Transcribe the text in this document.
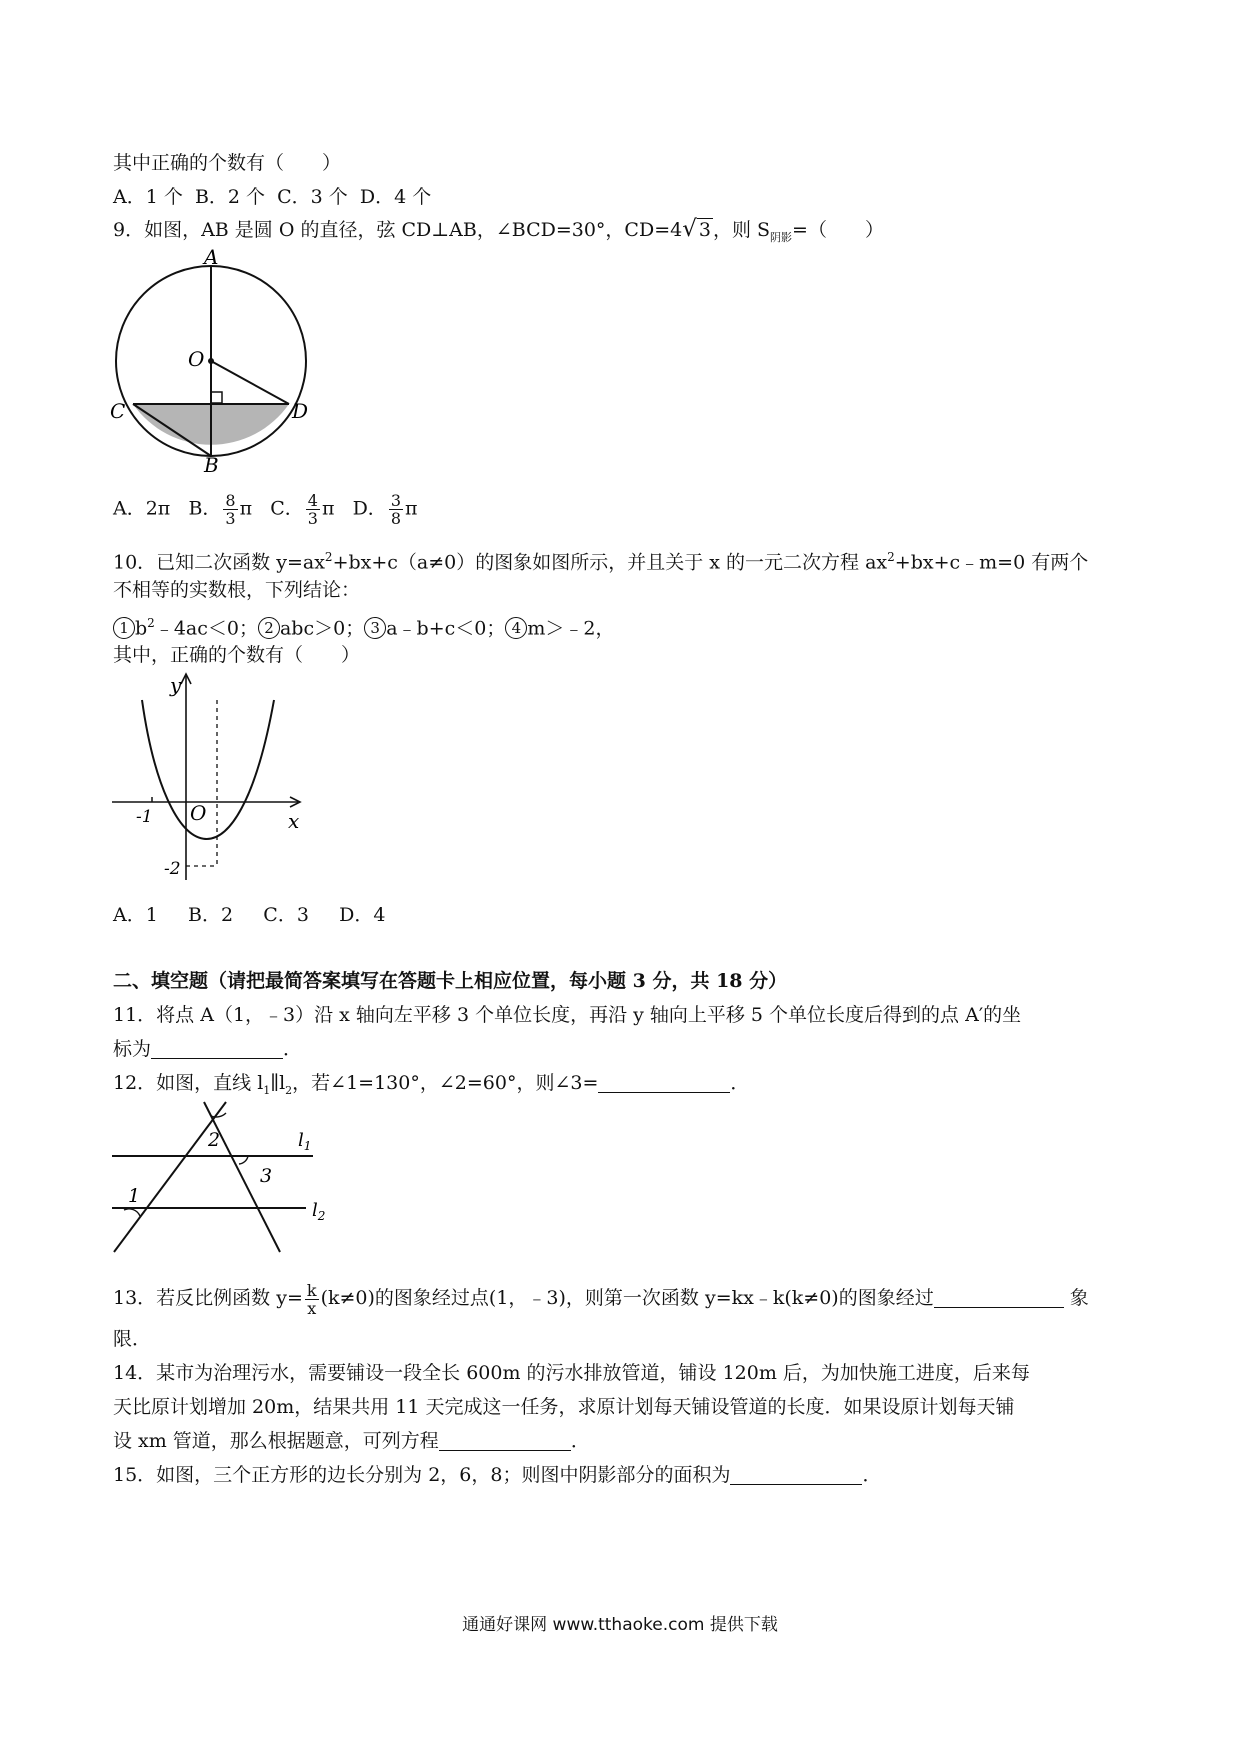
其中正确的个数有（　　）
A．1 个 B．2 个 C．3 个 D．4 个
9．如图，AB 是圆 O 的直径，弦 CD⊥AB，∠BCD=30°，CD=4√ 3 ，则 $S_{阴影}=$（　　）
A
O
C	D
B
A．2π B． $\frac{8}{3}$ π C． $\frac{4}{3}$ π D． $\frac{3}{8}$ π
10．已知二次函数 $y=ax^2+bx+c(a\ne 0)$的图象如图所示，并且关于 x 的一元二次方程 $ax^2+bx+c﹣m=0$ 有两个
不相等的实数根，下列结论：
1 $b^2﹣4ac<0$； 2 abc＞0； 3 a﹣b+c＜0； 4 m＞﹣2，
其中，正确的个数有（　　）
y
x
O
-1
-2
A．1 B．2 C．3 D．4
二、填空题（请把最简答案填写在答题卡上相应位置，每小题 3 分，共 18 分）
11．将点 A（1，﹣3）沿 x 轴向左平移 3 个单位长度，再沿 y 轴向上平移 5 个单位长度后得到的点 A′的坐
标为	．
12．如图，直线 $l_1\parallel l_2$，若∠1=130°，∠2=60°，则∠3=	．
2
3
1
$l_1$
$l_2$
13．若反比例函数 $y= \frac{k}{x} (k\ne 0)$的图象经过点(1，﹣3)，则第一次函数 y=kx﹣k(k≠0)的图象经过	象
限．
14．某市为治理污水，需要铺设一段全长 600m 的污水排放管道，铺设 120m 后，为加快施工进度，后来每
天比原计划增加 20m，结果共用 11 天完成这一任务，求原计划每天铺设管道的长度．如果设原计划每天铺
设 xm 管道，那么根据题意，可列方程	．
15．如图，三个正方形的边长分别为 2，6，8；则图中阴影部分的面积为	．
通通好课网 www.tthaoke.com 提供下载
